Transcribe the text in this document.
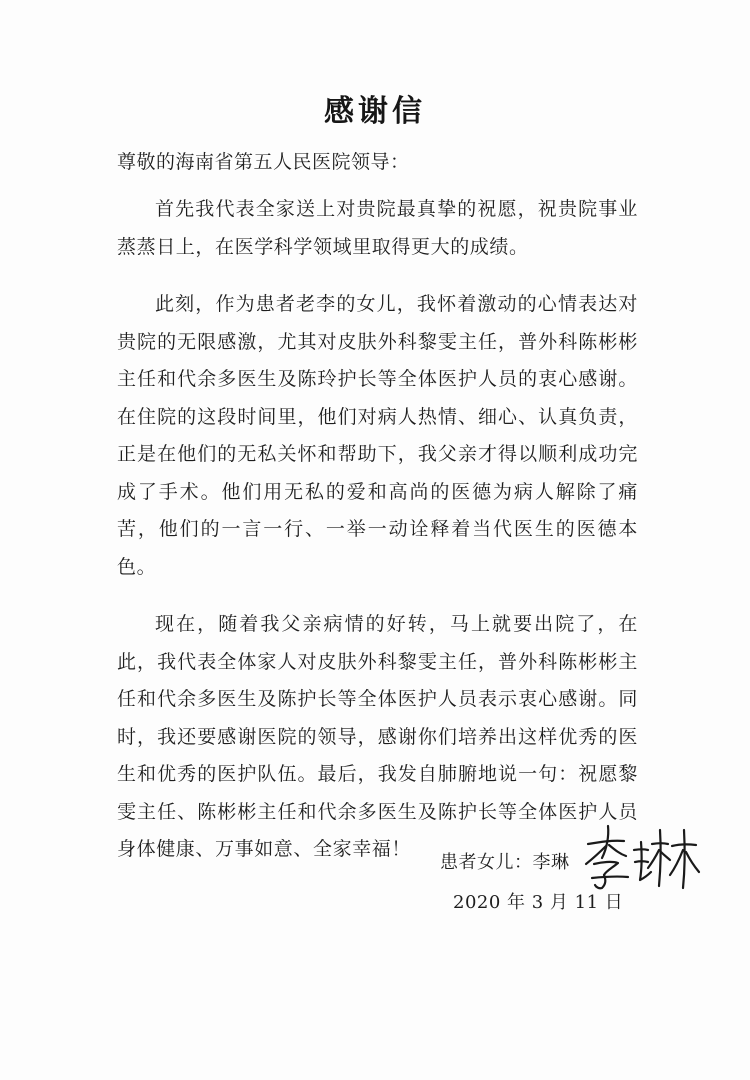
感谢信
尊敬的海南省第五人民医院领导：

首先我代表全家送上对贵院最真挚的祝愿，祝贵院事业蒸蒸日上，在医学科学领域里取得更大的成绩。

此刻，作为患者老李的女儿，我怀着激动的心情表达对贵院的无限感激，尤其对皮肤外科黎雯主任，普外科陈彬彬主任和代余多医生及陈玲护长等全体医护人员的衷心感谢。在住院的这段时间里，他们对病人热情、细心、认真负责，正是在他们的无私关怀和帮助下，我父亲才得以顺利成功完成了手术。他们用无私的爱和高尚的医德为病人解除了痛苦，他们的一言一行、一举一动诠释着当代医生的医德本色。

现在，随着我父亲病情的好转，马上就要出院了，在此，我代表全体家人对皮肤外科黎雯主任，普外科陈彬彬主任和代余多医生及陈护长等全体医护人员表示衷心感谢。同时，我还要感谢医院的领导，感谢你们培养出这样优秀的医生和优秀的医护队伍。最后，我发自肺腑地说一句：祝愿黎雯主任、陈彬彬主任和代余多医生及陈护长等全体医护人员身体健康、万事如意、全家幸福！

患者女儿：李琳
2020 年 3 月 11 日
